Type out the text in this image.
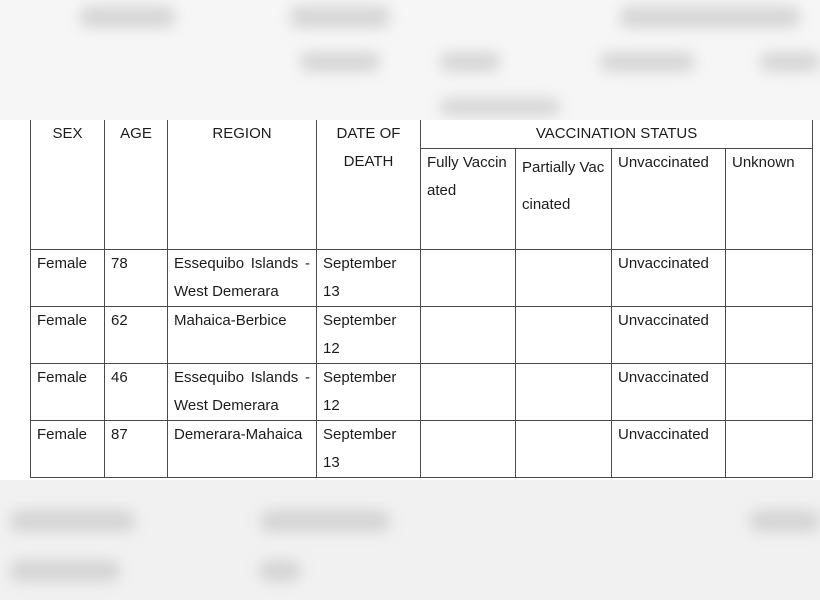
SEX	AGE	REGION	DATE OF DEATH	VACCINATION STATUS			
				Fully Vaccinated	Partially Vaccinated	Unvaccinated	Unknown
Female	78	Essequibo Islands -West Demerara	September 13			Unvaccinated	
Female	62	Mahaica-Berbice	September 12			Unvaccinated	
Female	46	Essequibo Islands -West Demerara	September 12			Unvaccinated	
Female	87	Demerara-Mahaica	September 13			Unvaccinated	
